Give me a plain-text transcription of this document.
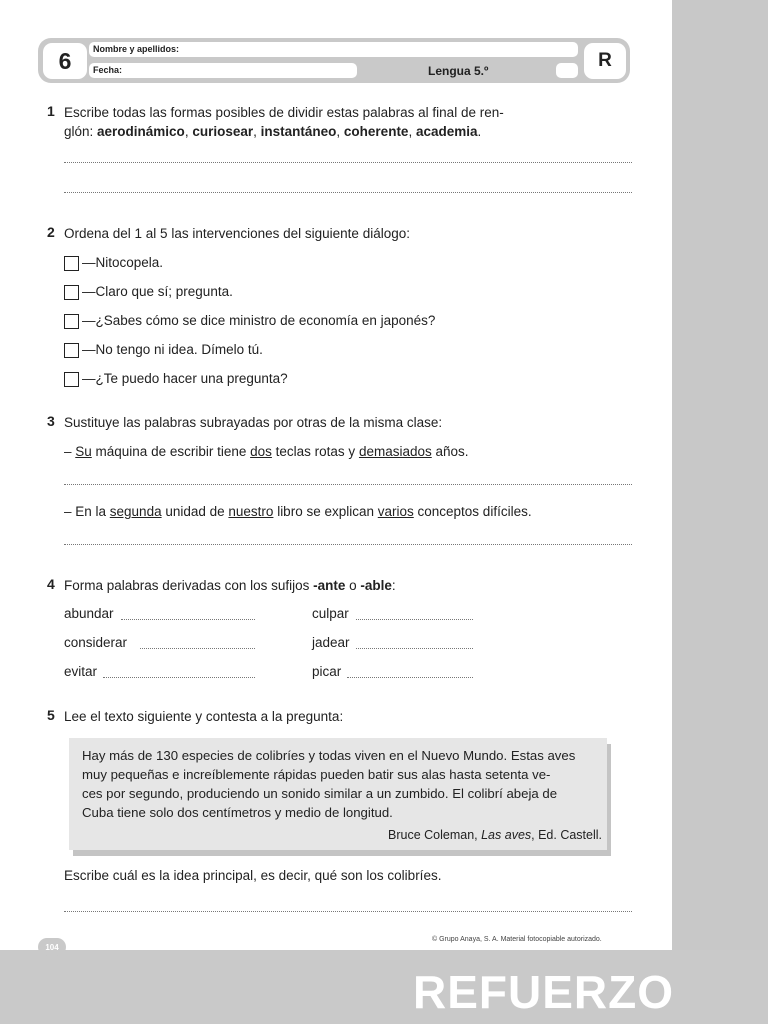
REFUERZO
6	Nombre y apellidos:
Fecha:	Lengua 5.º	R
1 Escribe todas las formas posibles de dividir estas palabras al final de ren-
glón: aerodinámico, curiosear, instantáneo, coherente, academia.
2 Ordena del 1 al 5 las intervenciones del siguiente diálogo:
—Nitocopela.
—Claro que sí; pregunta.
—¿Sabes cómo se dice ministro de economía en japonés?
—No tengo ni idea. Dímelo tú.
—¿Te puedo hacer una pregunta?
3 Sustituye las palabras subrayadas por otras de la misma clase:
– Su máquina de escribir tiene dos teclas rotas y demasiados años.
– En la segunda unidad de nuestro libro se explican varios conceptos difíciles.
4 Forma palabras derivadas con los sufijos -ante o -able:
abundar	culpar
considerar	jadear
evitar	picar
5 Lee el texto siguiente y contesta a la pregunta:
Hay más de 130 especies de colibríes y todas viven en el Nuevo Mundo. Estas aves
muy pequeñas e increíblemente rápidas pueden batir sus alas hasta setenta ve-
ces por segundo, produciendo un sonido similar a un zumbido. El colibrí abeja de
Cuba tiene solo dos centímetros y medio de longitud.
Bruce Coleman, Las aves, Ed. Castell.
Escribe cuál es la idea principal, es decir, qué son los colibríes.
© Grupo Anaya, S. A. Material fotocopiable autorizado.
104
